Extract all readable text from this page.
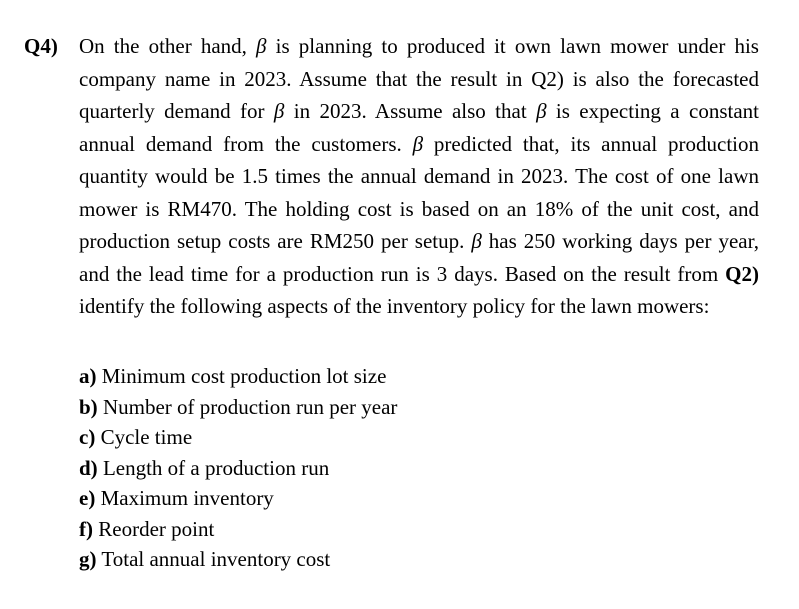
Q4) On the other hand, β is planning to produced it own lawn mower under his company name in 2023. Assume that the result in Q2) is also the forecasted quarterly demand for β in 2023. Assume also that β is expecting a constant annual demand from the customers. β predicted that, its annual production quantity would be 1.5 times the annual demand in 2023. The cost of one lawn mower is RM470. The holding cost is based on an 18% of the unit cost, and production setup costs are RM250 per setup. β has 250 working days per year, and the lead time for a production run is 3 days. Based on the result from Q2) identify the following aspects of the inventory policy for the lawn mowers:
a) Minimum cost production lot size
b) Number of production run per year
c) Cycle time
d) Length of a production run
e) Maximum inventory
f) Reorder point
g) Total annual inventory cost
